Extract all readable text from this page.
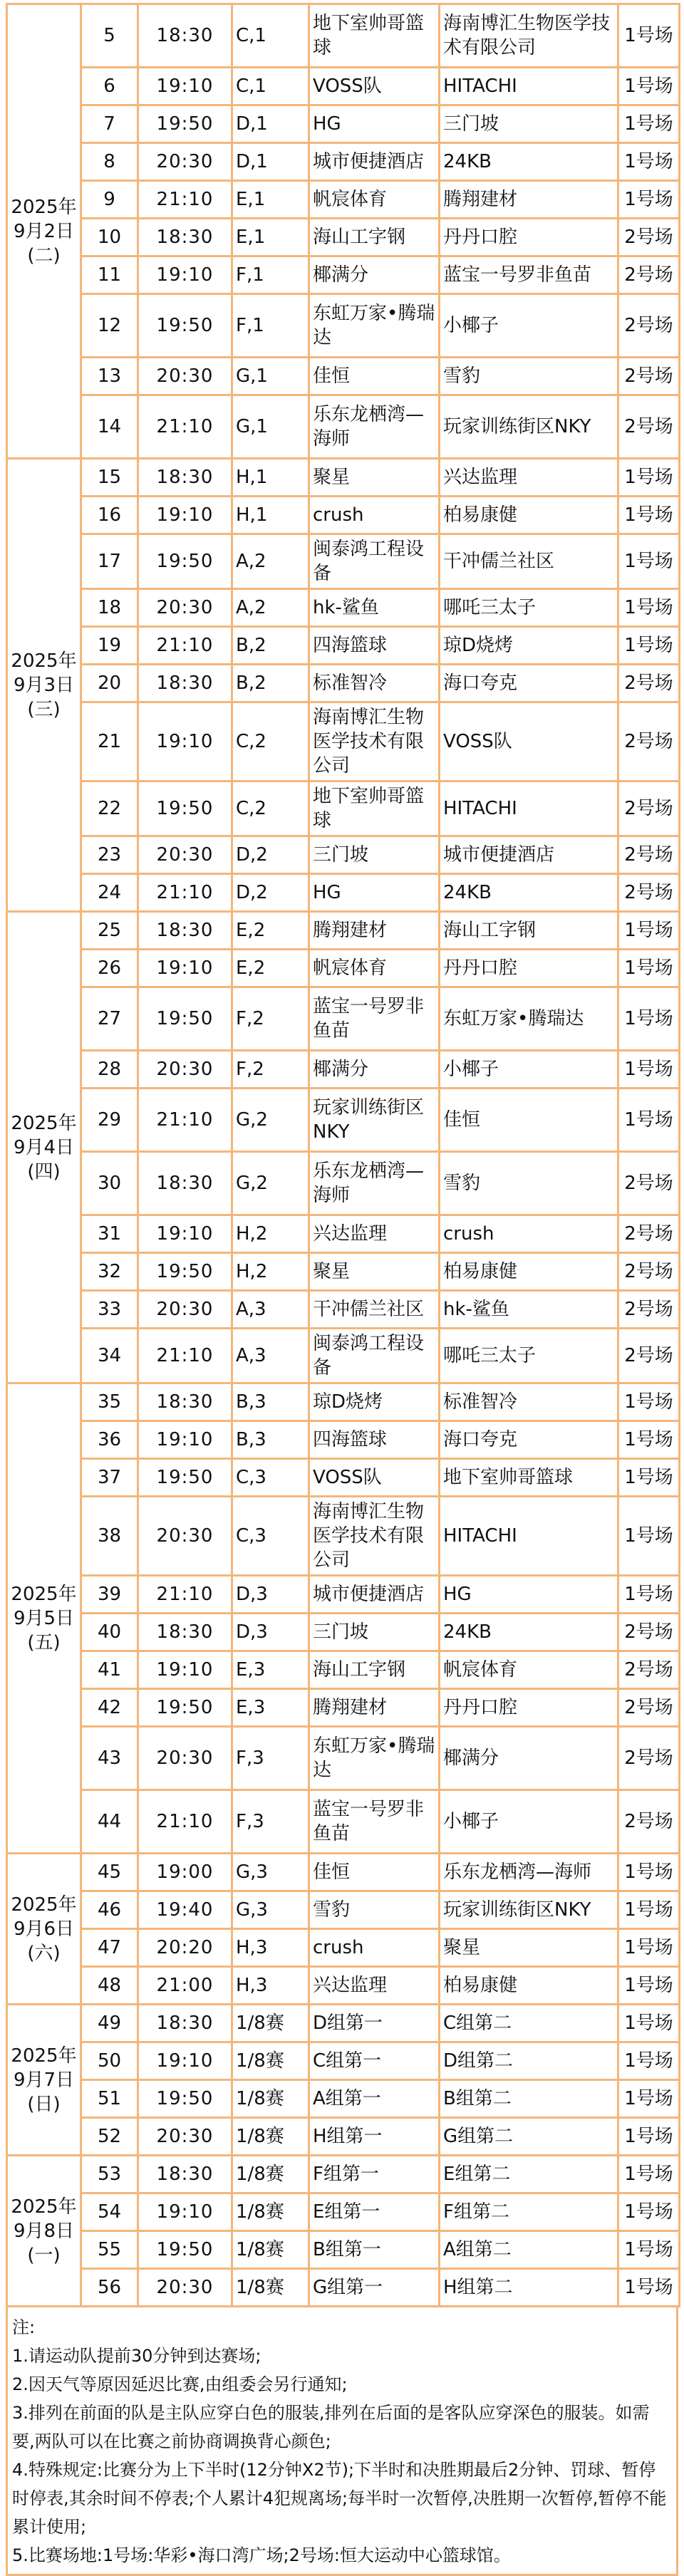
2025年9月2日(二)	5	18:30	C,1	地下室帅哥篮球	海南博汇生物医学技术有限公司	1号场
	6	19:10	C,1	VOSS队	HITACHI	1号场
	7	19:50	D,1	HG	三门坡	1号场
	8	20:30	D,1	城市便捷酒店	24KB	1号场
	9	21:10	E,1	帆宸体育	腾翔建材	1号场
	10	18:30	E,1	海山工字钢	丹丹口腔	2号场
	11	19:10	F,1	椰满分	蓝宝一号罗非鱼苗	2号场
	12	19:50	F,1	东虹万家•腾瑞达	小椰子	2号场
	13	20:30	G,1	佳恒	雪豹	2号场
	14	21:10	G,1	乐东龙栖湾—海师	玩家训练街区NKY	2号场
2025年9月3日(三)	15	18:30	H,1	聚星	兴达监理	1号场
	16	19:10	H,1	crush	柏易康健	1号场
	17	19:50	A,2	闽泰鸿工程设备	干冲儒兰社区	1号场
	18	20:30	A,2	hk-鲨鱼	哪吒三太子	1号场
	19	21:10	B,2	四海篮球	琼D烧烤	1号场
	20	18:30	B,2	标准智冷	海口夸克	2号场
	21	19:10	C,2	海南博汇生物医学技术有限公司	VOSS队	2号场
	22	19:50	C,2	地下室帅哥篮球	HITACHI	2号场
	23	20:30	D,2	三门坡	城市便捷酒店	2号场
	24	21:10	D,2	HG	24KB	2号场
2025年9月4日(四)	25	18:30	E,2	腾翔建材	海山工字钢	1号场
	26	19:10	E,2	帆宸体育	丹丹口腔	1号场
	27	19:50	F,2	蓝宝一号罗非鱼苗	东虹万家•腾瑞达	1号场
	28	20:30	F,2	椰满分	小椰子	1号场
	29	21:10	G,2	玩家训练街区NKY	佳恒	1号场
	30	18:30	G,2	乐东龙栖湾—海师	雪豹	2号场
	31	19:10	H,2	兴达监理	crush	2号场
	32	19:50	H,2	聚星	柏易康健	2号场
	33	20:30	A,3	干冲儒兰社区	hk-鲨鱼	2号场
	34	21:10	A,3	闽泰鸿工程设备	哪吒三太子	2号场
2025年9月5日(五)	35	18:30	B,3	琼D烧烤	标准智冷	1号场
	36	19:10	B,3	四海篮球	海口夸克	1号场
	37	19:50	C,3	VOSS队	地下室帅哥篮球	1号场
	38	20:30	C,3	海南博汇生物医学技术有限公司	HITACHI	1号场
	39	21:10	D,3	城市便捷酒店	HG	1号场
	40	18:30	D,3	三门坡	24KB	2号场
	41	19:10	E,3	海山工字钢	帆宸体育	2号场
	42	19:50	E,3	腾翔建材	丹丹口腔	2号场
	43	20:30	F,3	东虹万家•腾瑞达	椰满分	2号场
	44	21:10	F,3	蓝宝一号罗非鱼苗	小椰子	2号场
2025年9月6日(六)	45	19:00	G,3	佳恒	乐东龙栖湾—海师	1号场
	46	19:40	G,3	雪豹	玩家训练街区NKY	1号场
	47	20:20	H,3	crush	聚星	1号场
	48	21:00	H,3	兴达监理	柏易康健	1号场
2025年9月7日(日)	49	18:30	1/8赛	D组第一	C组第二	1号场
	50	19:10	1/8赛	C组第一	D组第二	1号场
	51	19:50	1/8赛	A组第一	B组第二	1号场
	52	20:30	1/8赛	H组第一	G组第二	1号场
2025年9月8日(一)	53	18:30	1/8赛	F组第一	E组第二	1号场
	54	19:10	1/8赛	E组第一	F组第二	1号场
	55	19:50	1/8赛	B组第一	A组第二	1号场
	56	20:30	1/8赛	G组第一	H组第二	1号场

注:

1.请运动队提前30分钟到达赛场;

2.因天气等原因延迟比赛,由组委会另行通知;

3.排列在前面的队是主队应穿白色的服装,排列在后面的是客队应穿深色的服装。如需要,两队可以在比赛之前协商调换背心颜色;

4.特殊规定:比赛分为上下半时(12分钟X2节);下半时和决胜期最后2分钟、罚球、暂停时停表,其余时间不停表;个人累计4犯规离场;每半时一次暂停,决胜期一次暂停,暂停不能累计使用;

5.比赛场地:1号场:华彩•海口湾广场;2号场:恒大运动中心篮球馆。
